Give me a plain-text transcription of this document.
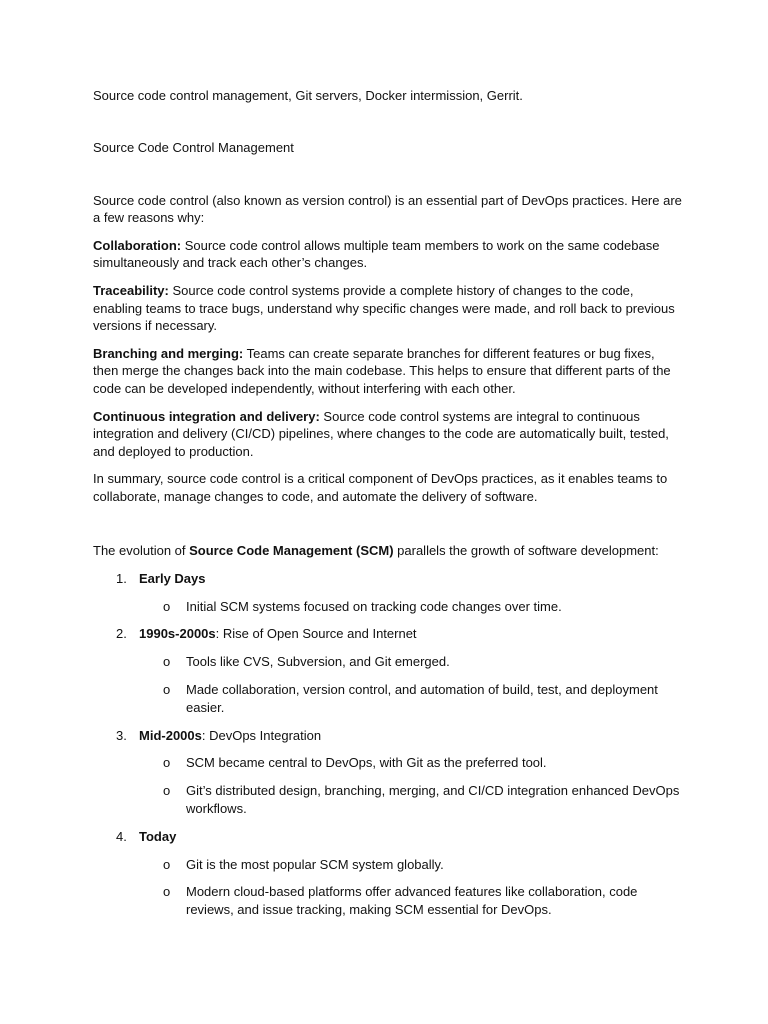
Source code control management, Git servers, Docker intermission, Gerrit.

Source Code Control Management

Source code control (also known as version control) is an essential part of DevOps practices. Here are a few reasons why:

Collaboration: Source code control allows multiple team members to work on the same codebase simultaneously and track each other’s changes.

Traceability: Source code control systems provide a complete history of changes to the code, enabling teams to trace bugs, understand why specific changes were made, and roll back to previous versions if necessary.

Branching and merging: Teams can create separate branches for different features or bug fixes, then merge the changes back into the main codebase. This helps to ensure that different parts of the code can be developed independently, without interfering with each other.

Continuous integration and delivery: Source code control systems are integral to continuous integration and delivery (CI/CD) pipelines, where changes to the code are automatically built, tested, and deployed to production.

In summary, source code control is a critical component of DevOps practices, as it enables teams to collaborate, manage changes to code, and automate the delivery of software.

The evolution of Source Code Management (SCM) parallels the growth of software development:

1. Early Days
o Initial SCM systems focused on tracking code changes over time.
2. 1990s-2000s: Rise of Open Source and Internet
o Tools like CVS, Subversion, and Git emerged.
o Made collaboration, version control, and automation of build, test, and deployment easier.
3. Mid-2000s: DevOps Integration
o SCM became central to DevOps, with Git as the preferred tool.
o Git’s distributed design, branching, merging, and CI/CD integration enhanced DevOps workflows.
4. Today
o Git is the most popular SCM system globally.
o Modern cloud-based platforms offer advanced features like collaboration, code reviews, and issue tracking, making SCM essential for DevOps.
